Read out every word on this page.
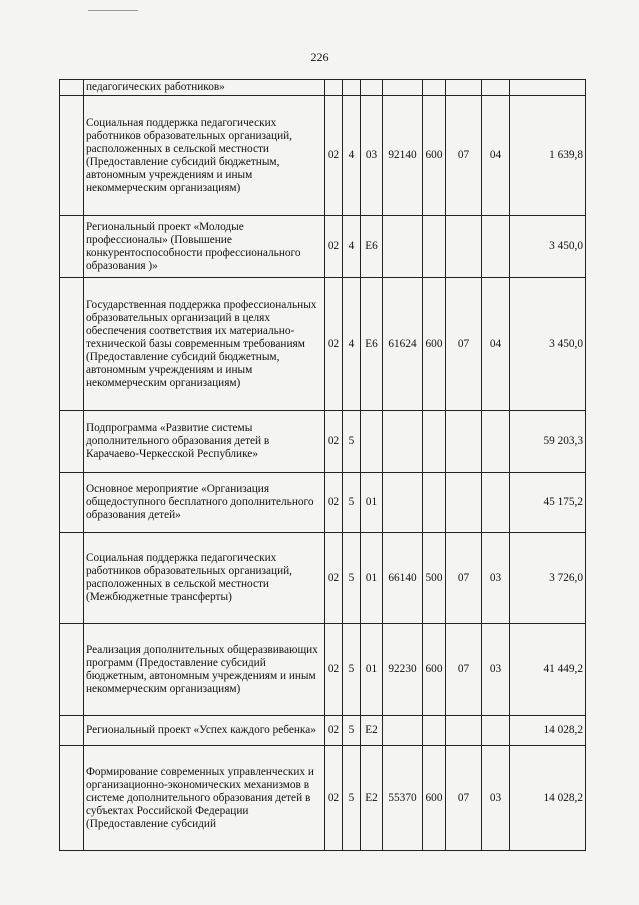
226
	педагогических работников»								
	Социальная поддержка педагогических работников образовательных организаций, расположенных в сельской местности (Предоставление субсидий бюджетным, автономным учреждениям и иным некоммерческим организациям)	02	4	03	92140	600	07	04	1 639,8
	Региональный проект «Молодые профессионалы» (Повышение конкурентоспособности профессионального образования )»	02	4	Е6					3 450,0
	Государственная поддержка профессиональных образовательных организаций в целях обеспечения соответствия их материально-технической базы современным требованиям (Предоставление субсидий бюджетным, автономным учреждениям и иным некоммерческим организациям)	02	4	Е6	61624	600	07	04	3 450,0
	Подпрограмма «Развитие системы дополнительного образования детей в Карачаево-Черкесской Республике»	02	5						59 203,3
	Основное мероприятие «Организация общедоступного бесплатного дополнительного образования детей»	02	5	01					45 175,2
	Социальная поддержка педагогических работников образовательных организаций, расположенных в сельской местности (Межбюджетные трансферты)	02	5	01	66140	500	07	03	3 726,0
	Реализация дополнительных общеразвивающих программ (Предоставление субсидий бюджетным, автономным учреждениям и иным некоммерческим организациям)	02	5	01	92230	600	07	03	41 449,2
	Региональный проект «Успех каждого ребенка»	02	5	Е2					14 028,2
	Формирование современных управленческих и организационно-экономических механизмов в системе дополнительного образования детей в субъектах Российской Федерации (Предоставление субсидий	02	5	Е2	55370	600	07	03	14 028,2
